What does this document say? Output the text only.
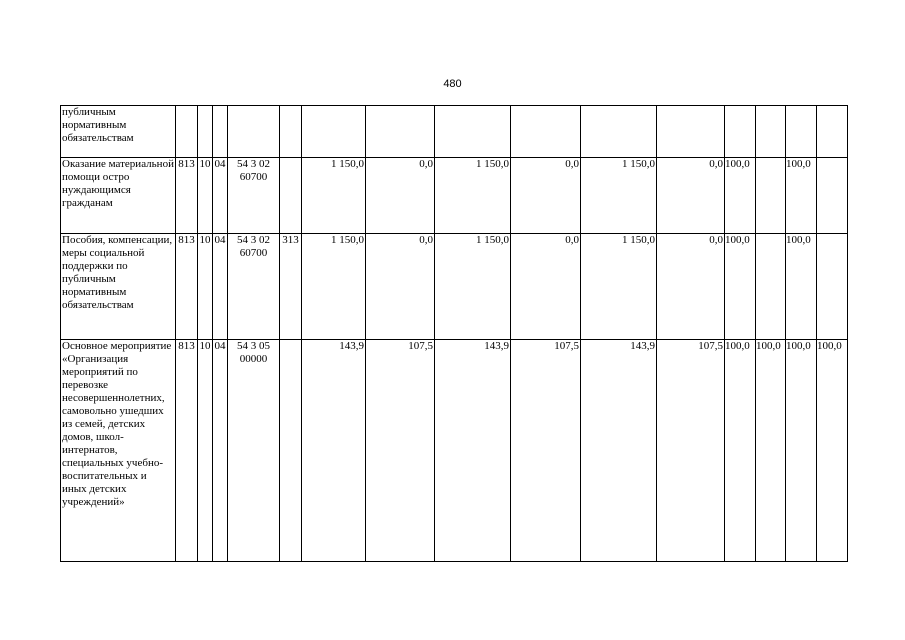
480
публичным нормативным обязательствам															
Оказание материальной помощи остро нуждающимся гражданам	813	10	04	54 3 02 60700		1 150,0	0,0	1 150,0	0,0	1 150,0	0,0	100,0		100,0	
Пособия, компенсации, меры социальной поддержки по публичным нормативным обязательствам	813	10	04	54 3 02 60700	313	1 150,0	0,0	1 150,0	0,0	1 150,0	0,0	100,0		100,0	
Основное мероприятие «Организация мероприятий по перевозке несовершеннолетних, самовольно ушедших из семей, детских домов, школ-интернатов, специальных учебно-воспитательных и иных детских учреждений»	813	10	04	54 3 05 00000		143,9	107,5	143,9	107,5	143,9	107,5	100,0	100,0	100,0	100,0
